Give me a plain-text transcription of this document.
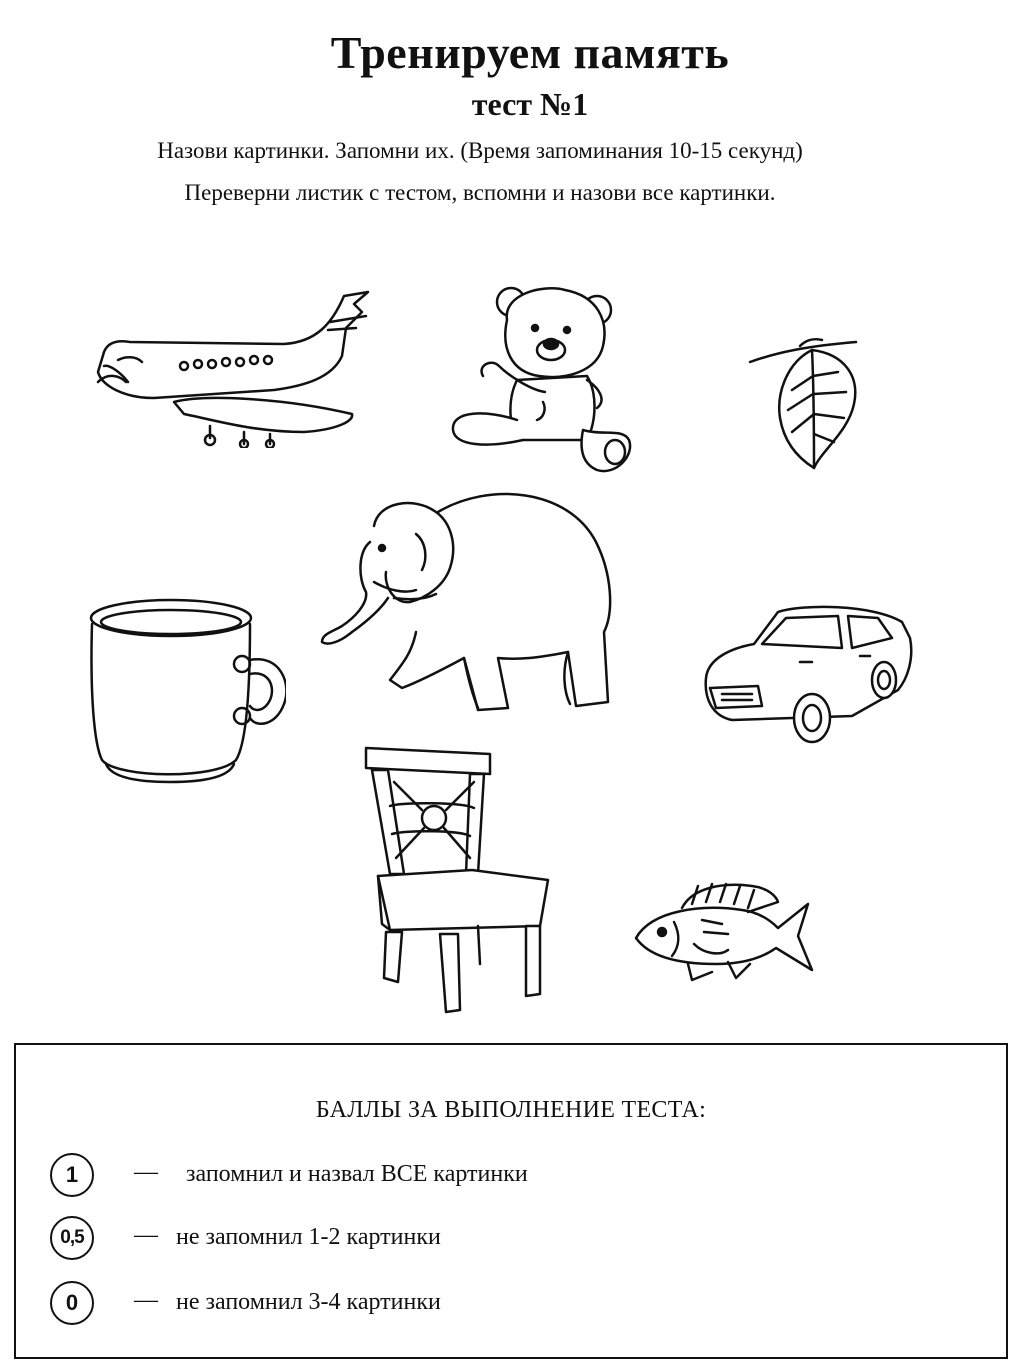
Тренируем память
тест №1
Назови картинки. Запомни их. (Время запоминания 10-15 секунд)
Переверни листик с тестом, вспомни и назови все картинки.
БАЛЛЫ ЗА ВЫПОЛНЕНИЕ ТЕСТА:
1	— запомнил и назвал ВСЕ картинки
0,5	— не запомнил 1-2 картинки
0	— не запомнил 3-4 картинки
